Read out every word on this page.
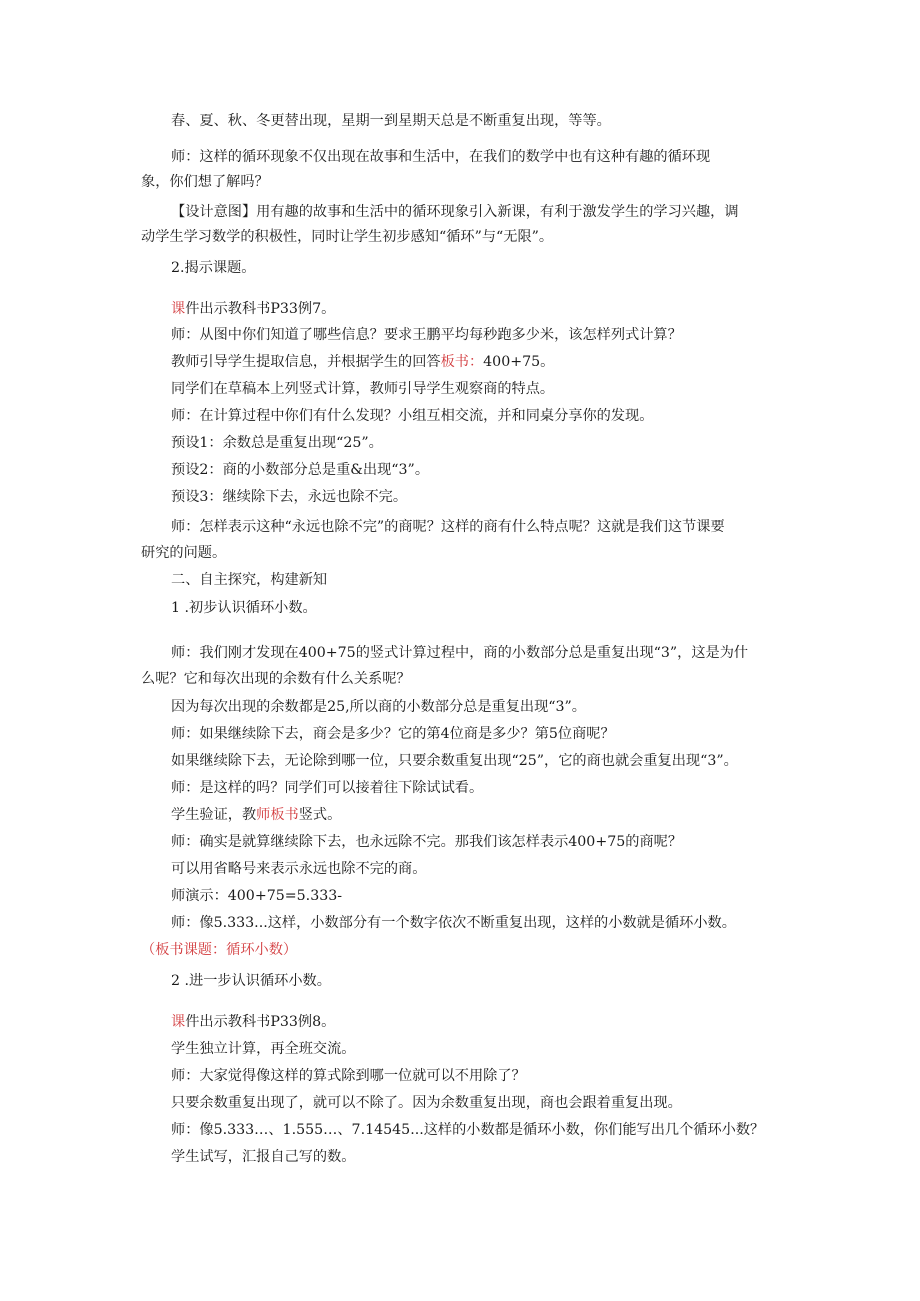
春、夏、秋、冬更替出现，星期一到星期天总是不断重复出现，等等。
师：这样的循环现象不仅出现在故事和生活中，在我们的数学中也有这种有趣的循环现
象，你们想了解吗？
【设计意图】用有趣的故事和生活中的循环现象引入新课，有利于激发学生的学习兴趣，调
动学生学习数学的积极性，同时让学生初步感知“循环”与“无限”。
2.揭示课题。
课件出示教科书P33例7。
师：从图中你们知道了哪些信息？要求王鹏平均每秒跑多少米，该怎样列式计算？
教师引导学生提取信息，并根据学生的回答板书：400+75。
同学们在草稿本上列竖式计算，教师引导学生观察商的特点。
师：在计算过程中你们有什么发现？小组互相交流，并和同桌分享你的发现。
预设1：余数总是重复出现“25”。
预设2：商的小数部分总是重&出现“3”。
预设3：继续除下去，永远也除不完。
师：怎样表示这种“永远也除不完”的商呢？这样的商有什么特点呢？这就是我们这节课要
研究的问题。
二、自主探究，构建新知
1 .初步认识循环小数。
师：我们刚才发现在400+75的竖式计算过程中，商的小数部分总是重复出现“3”，这是为什
么呢？它和每次出现的余数有什么关系呢？
因为每次出现的余数都是25,所以商的小数部分总是重复出现“3”。
师：如果继续除下去，商会是多少？它的第4位商是多少？第5位商呢？
如果继续除下去，无论除到哪一位，只要余数重复出现“25”，它的商也就会重复出现“3”。
师：是这样的吗？同学们可以接着往下除试试看。
学生验证，教师板书竖式。
师：确实是就算继续除下去，也永远除不完。那我们该怎样表示400+75的商呢？
可以用省略号来表示永远也除不完的商。
师演示：400+75=5.333-
师：像5.333...这样，小数部分有一个数字依次不断重复出现，这样的小数就是循环小数。
（板书课题：循环小数）
2 .进一步认识循环小数。
课件出示教科书P33例8。
学生独立计算，再全班交流。
师：大家觉得像这样的算式除到哪一位就可以不用除了？
只要余数重复出现了，就可以不除了。因为余数重复出现，商也会跟着重复出现。
师：像5.333…、1.555…、7.14545...这样的小数都是循环小数，你们能写出几个循环小数？
学生试写，汇报自己写的数。
